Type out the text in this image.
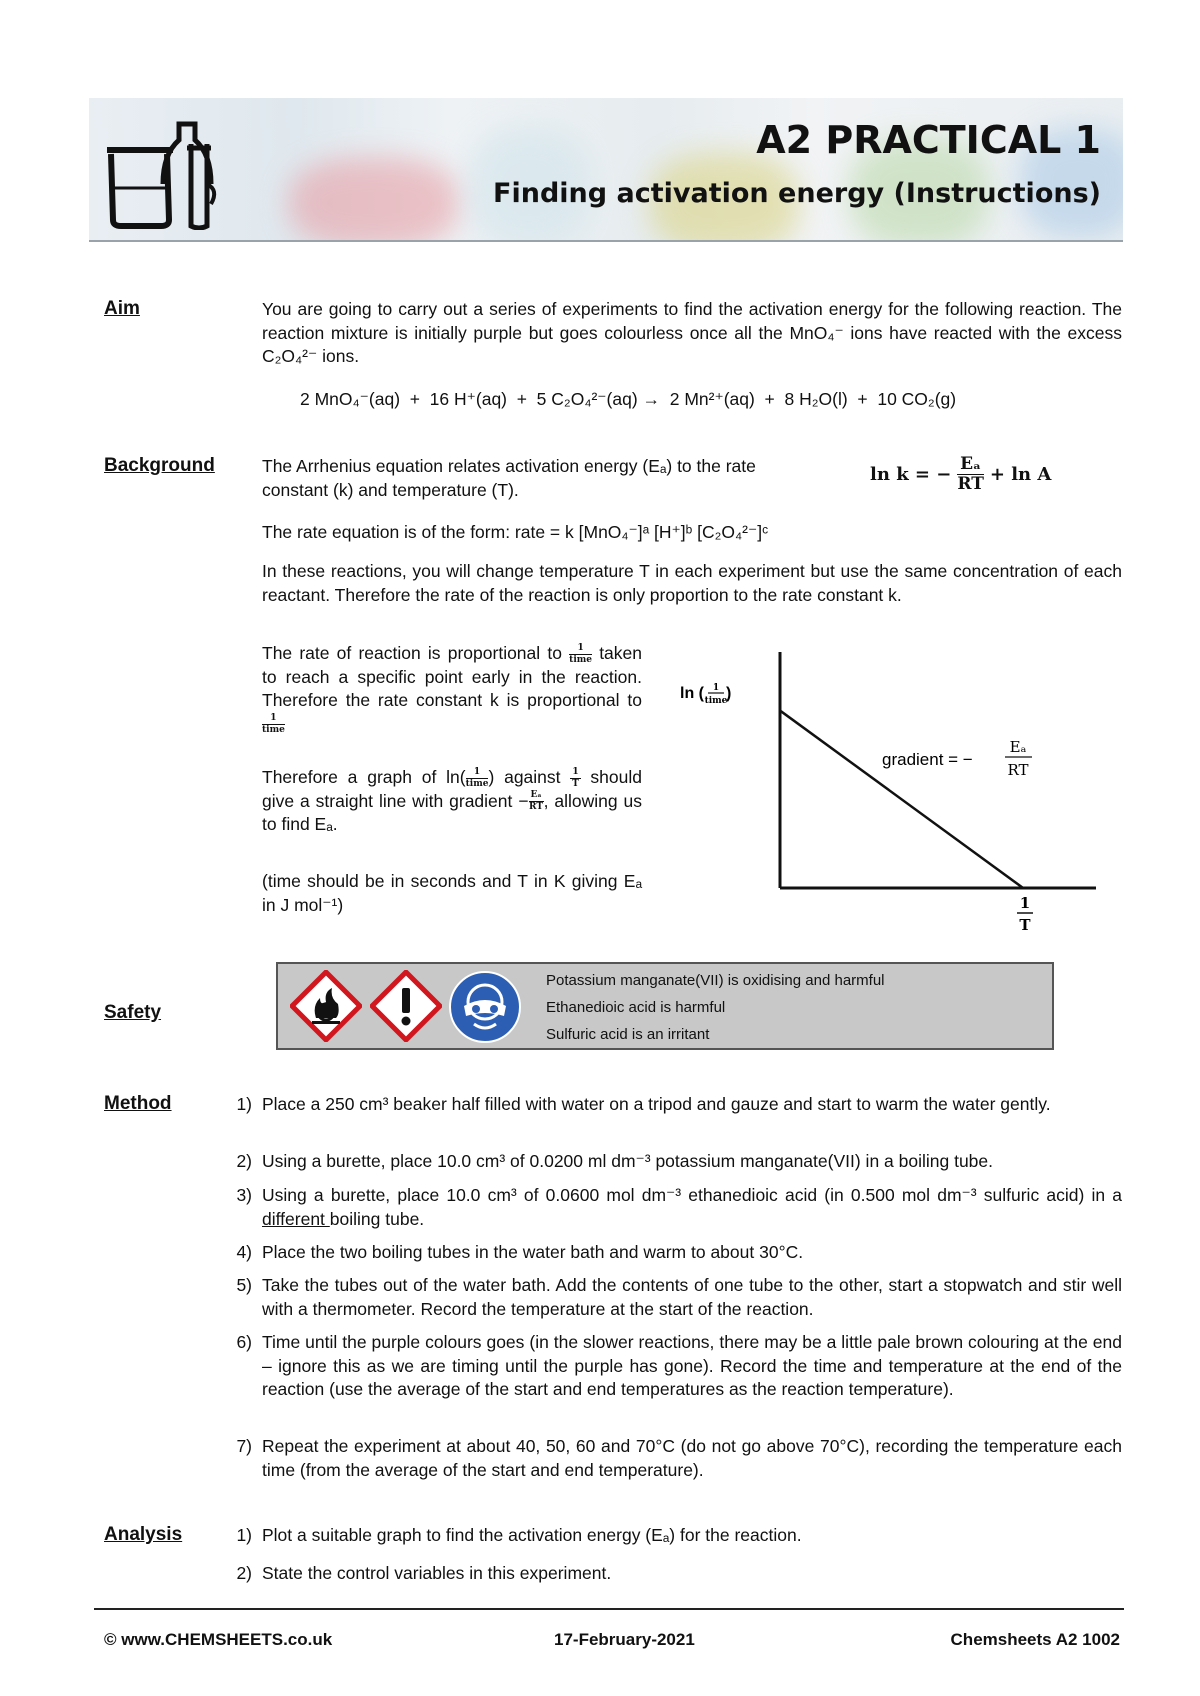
A2 PRACTICAL 1
Finding activation energy (Instructions)
Aim	You are going to carry out a series of experiments to find the activation energy for the following reaction. The reaction mixture is initially purple but goes colourless once all the MnO₄⁻ ions have reacted with the excess C₂O₄²⁻ ions.
2 MnO₄⁻(aq)  +  16 H⁺(aq)  +  5 C₂O₄²⁻(aq) →  2 Mn²⁺(aq)  +  8 H₂O(l)  +  10 CO₂(g)
Background	The Arrhenius equation relates activation energy (Eₐ) to the rate constant (k) and temperature (T).
ln k = − $\frac{\text{Eₐ}}{RT} + \ln A$
The rate equation is of the form: rate = k [MnO₄⁻]ᵃ [H⁺]ᵇ [C₂O₄²⁻]ᶜ
In these reactions, you will change temperature T in each experiment but use the same concentration of each reactant. Therefore the rate of the reaction is only proportion to the rate constant k.
The rate of reaction is proportional to $\frac{1}{\text{time}}$ taken to reach a specific point early in the reaction. Therefore the rate constant k is proportional to
$\frac{1}{\text{time}}$
Therefore a graph of $\ln( \frac{1}{\text{time}}$ ) against $\frac{1}{T}$ should give a straight line with gradient − $\frac{\text{Eₐ}}{RT}$ , allowing us to find Eₐ.
(time should be in seconds and T in K giving Eₐ in J mol⁻¹)
ln ( 1
time
)
gradient = −
Eₐ
RT
1
T
Safety
Potassium manganate(VII) is oxidising and harmful
Ethanedioic acid is harmful
Sulfuric acid is an irritant
Method	1) Place a 250 cm³ beaker half filled with water on a tripod and gauze and start to warm the water gently.
2) Using a burette, place 10.0 cm³ of 0.0200 ml dm⁻³ potassium manganate(VII) in a boiling tube.
3) Using a burette, place 10.0 cm³ of 0.0600 mol dm⁻³ ethanedioic acid (in 0.500 mol dm⁻³ sulfuric acid) in a different boiling tube.
4) Place the two boiling tubes in the water bath and warm to about 30°C.
5) Take the tubes out of the water bath. Add the contents of one tube to the other, start a stopwatch and stir well with a thermometer. Record the temperature at the start of the reaction.
6) Time until the purple colours goes (in the slower reactions, there may be a little pale brown colouring at the end – ignore this as we are timing until the purple has gone). Record the time and temperature at the end of the reaction (use the average of the start and end temperatures as the reaction temperature).
7) Repeat the experiment at about 40, 50, 60 and 70°C (do not go above 70°C), recording the temperature each time (from the average of the start and end temperature).
Analysis	1) Plot a suitable graph to find the activation energy (Eₐ) for the reaction.
2) State the control variables in this experiment.
© www.CHEMSHEETS.co.uk	17-February-2021	Chemsheets A2 1002
